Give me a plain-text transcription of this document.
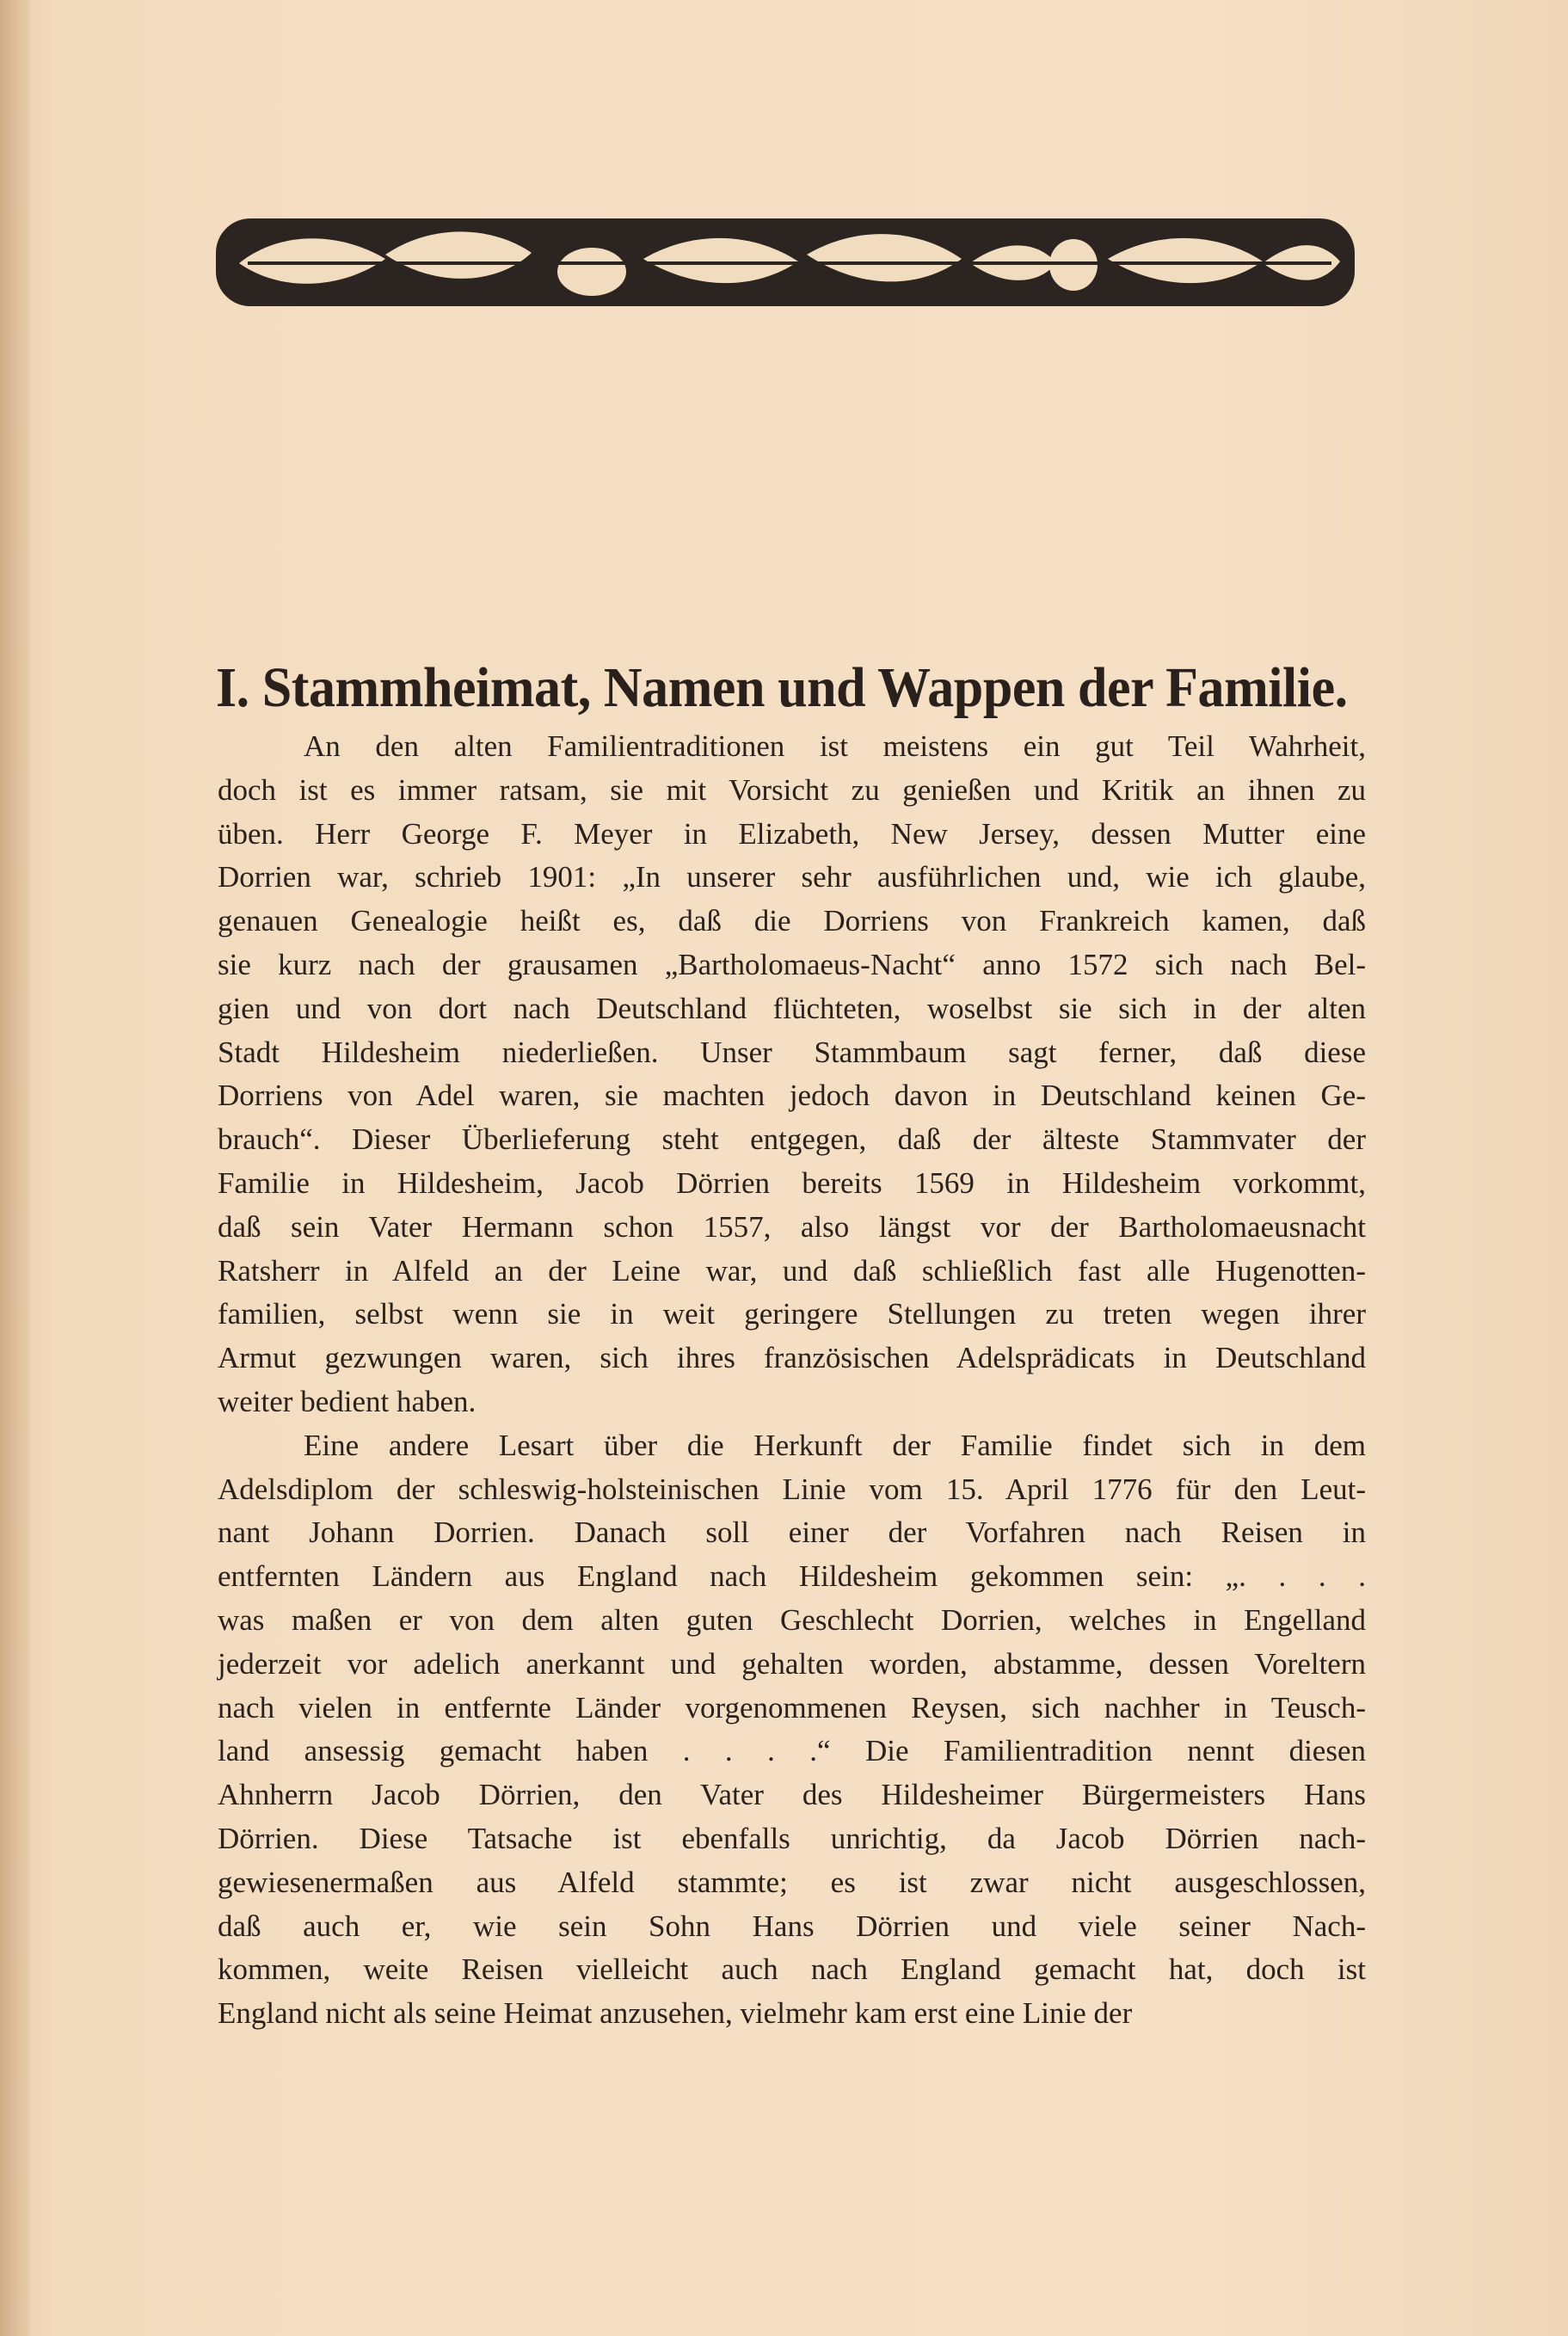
I. Stammheimat, Namen und Wappen der Familie.
An den alten Familientraditionen ist meistens ein gut Teil Wahrheit,
doch ist es immer ratsam, sie mit Vorsicht zu genießen und Kritik an ihnen zu
üben. Herr George F. Meyer in Elizabeth, New Jersey, dessen Mutter eine
Dorrien war, schrieb 1901: „In unserer sehr ausführlichen und, wie ich glaube,
genauen Genealogie heißt es, daß die Dorriens von Frankreich kamen, daß
sie kurz nach der grausamen „Bartholomaeus-Nacht“ anno 1572 sich nach Bel-
gien und von dort nach Deutschland flüchteten, woselbst sie sich in der alten
Stadt Hildesheim niederließen. Unser Stammbaum sagt ferner, daß diese
Dorriens von Adel waren, sie machten jedoch davon in Deutschland keinen Ge-
brauch“. Dieser Überlieferung steht entgegen, daß der älteste Stammvater der
Familie in Hildesheim, Jacob Dörrien bereits 1569 in Hildesheim vorkommt,
daß sein Vater Hermann schon 1557, also längst vor der Bartholomaeusnacht
Ratsherr in Alfeld an der Leine war, und daß schließlich fast alle Hugenotten-
familien, selbst wenn sie in weit geringere Stellungen zu treten wegen ihrer
Armut gezwungen waren, sich ihres französischen Adelsprädicats in Deutschland
weiter bedient haben.
Eine andere Lesart über die Herkunft der Familie findet sich in dem
Adelsdiplom der schleswig-holsteinischen Linie vom 15. April 1776 für den Leut-
nant Johann Dorrien. Danach soll einer der Vorfahren nach Reisen in
entfernten Ländern aus England nach Hildesheim gekommen sein: „. . . .
was maßen er von dem alten guten Geschlecht Dorrien, welches in Engelland
jederzeit vor adelich anerkannt und gehalten worden, abstamme, dessen Voreltern
nach vielen in entfernte Länder vorgenommenen Reysen, sich nachher in Teusch-
land ansessig gemacht haben . . . .“ Die Familientradition nennt diesen
Ahnherrn Jacob Dörrien, den Vater des Hildesheimer Bürgermeisters Hans
Dörrien. Diese Tatsache ist ebenfalls unrichtig, da Jacob Dörrien nach-
gewiesenermaßen aus Alfeld stammte; es ist zwar nicht ausgeschlossen,
daß auch er, wie sein Sohn Hans Dörrien und viele seiner Nach-
kommen, weite Reisen vielleicht auch nach England gemacht hat, doch ist
England nicht als seine Heimat anzusehen, vielmehr kam erst eine Linie der
